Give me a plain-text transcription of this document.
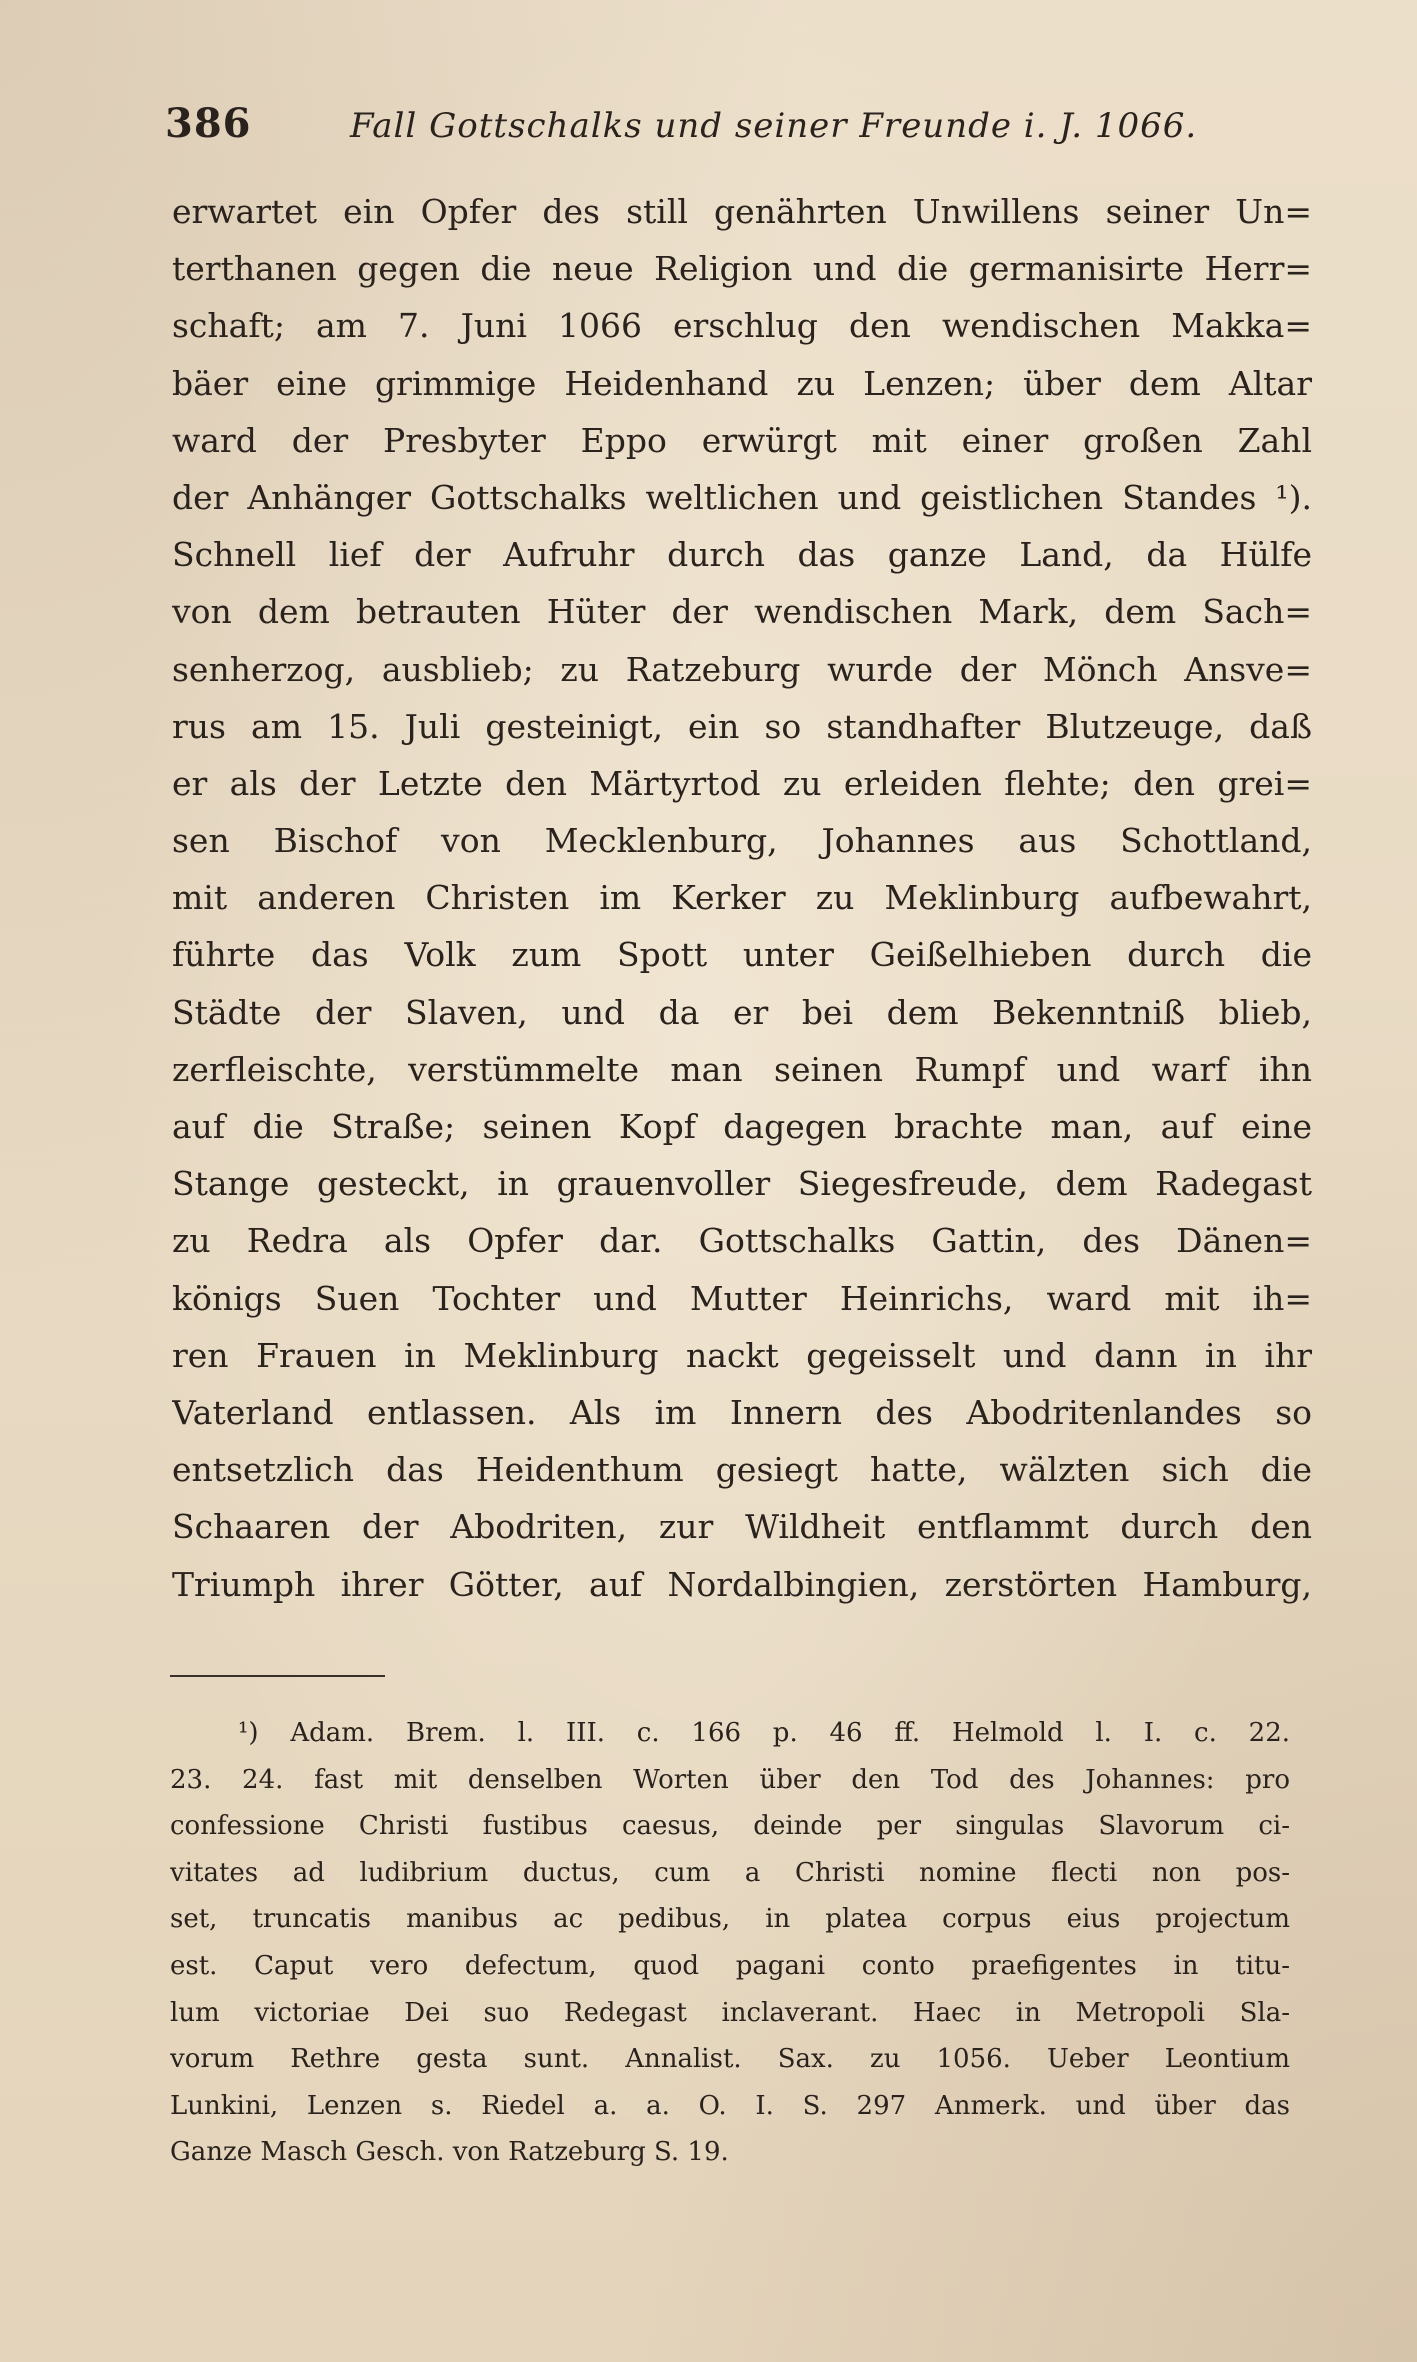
386	Fall Gottschalks und seiner Freunde i. J. 1066.
erwartet ein Opfer des still genährten Unwillens seiner Un=
terthanen gegen die neue Religion und die germanisirte Herr=
schaft; am 7. Juni 1066 erschlug den wendischen Makka=
bäer eine grimmige Heidenhand zu Lenzen; über dem Altar
ward der Presbyter Eppo erwürgt mit einer großen Zahl
der Anhänger Gottschalks weltlichen und geistlichen Standes ¹).
Schnell lief der Aufruhr durch das ganze Land, da Hülfe
von dem betrauten Hüter der wendischen Mark, dem Sach=
senherzog, ausblieb; zu Ratzeburg wurde der Mönch Ansve=
rus am 15. Juli gesteinigt, ein so standhafter Blutzeuge, daß
er als der Letzte den Märtyrtod zu erleiden flehte; den grei=
sen Bischof von Mecklenburg, Johannes aus Schottland,
mit anderen Christen im Kerker zu Meklinburg aufbewahrt,
führte das Volk zum Spott unter Geißelhieben durch die
Städte der Slaven, und da er bei dem Bekenntniß blieb,
zerfleischte, verstümmelte man seinen Rumpf und warf ihn
auf die Straße; seinen Kopf dagegen brachte man, auf eine
Stange gesteckt, in grauenvoller Siegesfreude, dem Radegast
zu Redra als Opfer dar. Gottschalks Gattin, des Dänen=
königs Suen Tochter und Mutter Heinrichs, ward mit ih=
ren Frauen in Meklinburg nackt gegeisselt und dann in ihr
Vaterland entlassen. Als im Innern des Abodritenlandes so
entsetzlich das Heidenthum gesiegt hatte, wälzten sich die
Schaaren der Abodriten, zur Wildheit entflammt durch den
Triumph ihrer Götter, auf Nordalbingien, zerstörten Hamburg,
¹) Adam. Brem. l. III. c. 166 p. 46 ff. Helmold l. I. c. 22.
23. 24. fast mit denselben Worten über den Tod des Johannes: pro
confessione Christi fustibus caesus, deinde per singulas Slavorum ci-
vitates ad ludibrium ductus, cum a Christi nomine flecti non pos-
set, truncatis manibus ac pedibus, in platea corpus eius projectum
est. Caput vero defectum, quod pagani conto praefigentes in titu-
lum victoriae Dei suo Redegast inclaverant. Haec in Metropoli Sla-
vorum Rethre gesta sunt. Annalist. Sax. zu 1056. Ueber Leontium
Lunkini, Lenzen s. Riedel a. a. O. I. S. 297 Anmerk. und über das
Ganze Masch Gesch. von Ratzeburg S. 19.
